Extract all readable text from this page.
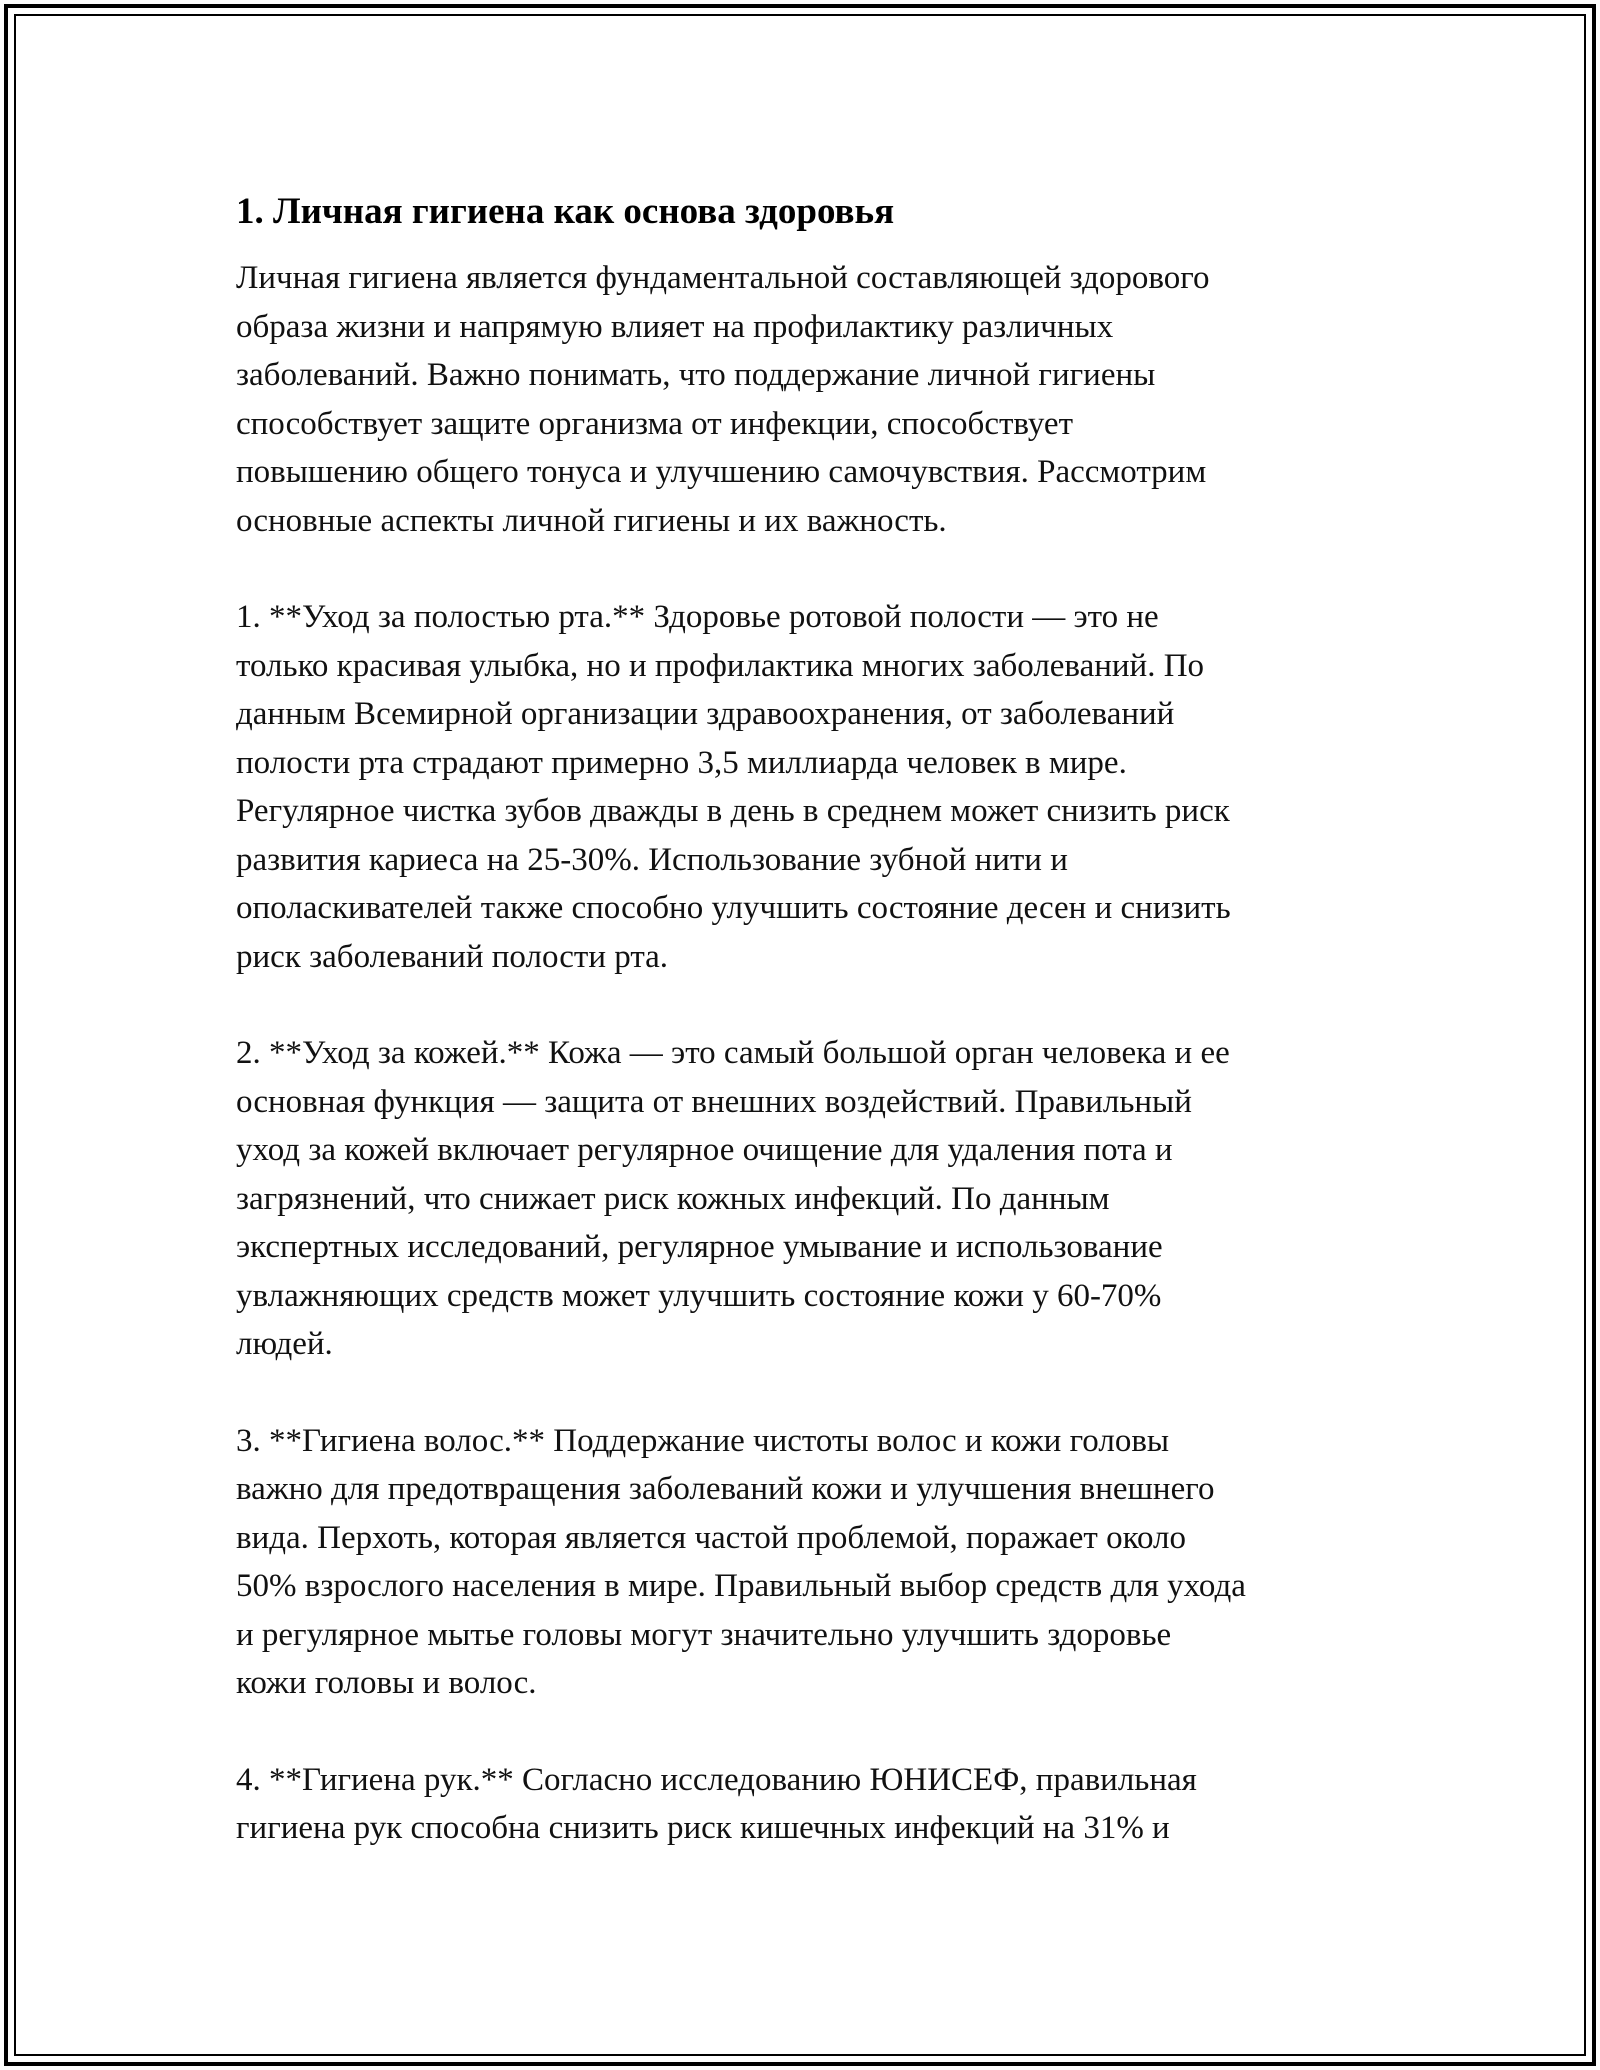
1. Личная гигиена как основа здоровья

Личная гигиена является фундаментальной составляющей здорового
образа жизни и напрямую влияет на профилактику различных
заболеваний. Важно понимать, что поддержание личной гигиены
способствует защите организма от инфекции, способствует
повышению общего тонуса и улучшению самочувствия. Рассмотрим
основные аспекты личной гигиены и их важность.

1. **Уход за полостью рта.** Здоровье ротовой полости — это не
только красивая улыбка, но и профилактика многих заболеваний. По
данным Всемирной организации здравоохранения, от заболеваний
полости рта страдают примерно 3,5 миллиарда человек в мире.
Регулярное чистка зубов дважды в день в среднем может снизить риск
развития кариеса на 25-30%. Использование зубной нити и
ополаскивателей также способно улучшить состояние десен и снизить
риск заболеваний полости рта.

2. **Уход за кожей.** Кожа — это самый большой орган человека и ее
основная функция — защита от внешних воздействий. Правильный
уход за кожей включает регулярное очищение для удаления пота и
загрязнений, что снижает риск кожных инфекций. По данным
экспертных исследований, регулярное умывание и использование
увлажняющих средств может улучшить состояние кожи у 60-70%
людей.

3. **Гигиена волос.** Поддержание чистоты волос и кожи головы
важно для предотвращения заболеваний кожи и улучшения внешнего
вида. Перхоть, которая является частой проблемой, поражает около
50% взрослого населения в мире. Правильный выбор средств для ухода
и регулярное мытье головы могут значительно улучшить здоровье
кожи головы и волос.

4. **Гигиена рук.** Согласно исследованию ЮНИСЕФ, правильная
гигиена рук способна снизить риск кишечных инфекций на 31% и
